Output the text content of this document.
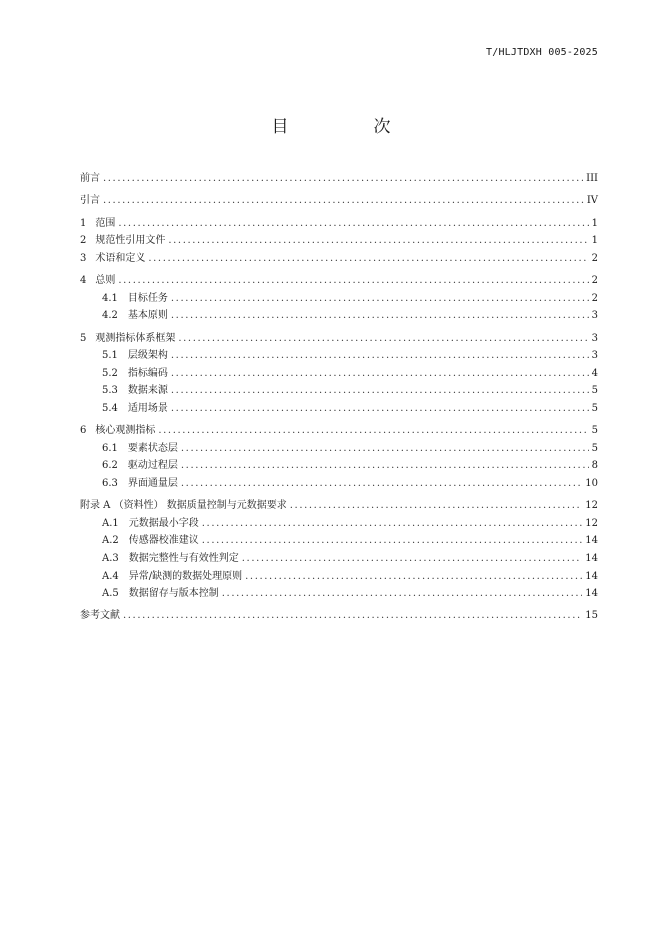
T/HLJTDXH 005-2025
目　次
前言 .....	III
引言 .....	IV
1 范围 .....	1
2 规范性引用文件 .....	1
3 术语和定义 .....	2
4 总则 .....	2
4.1 目标任务 .....	2
4.2 基本原则 .....	3
5 观测指标体系框架 .....	3
5.1 层级架构 .....	3
5.2 指标编码 .....	4
5.3 数据来源 .....	5
5.4 适用场景 .....	5
6 核心观测指标 .....	5
6.1 要素状态层 .....	5
6.2 驱动过程层 .....	8
6.3 界面通量层 .....	10
附录 A （资料性） 数据质量控制与元数据要求 .....	12
A.1 元数据最小字段 .....	12
A.2 传感器校准建议 .....	14
A.3 数据完整性与有效性判定 .....	14
A.4 异常/缺测的数据处理原则 .....	14
A.5 数据留存与版本控制 .....	14
参考文献 .....	15
